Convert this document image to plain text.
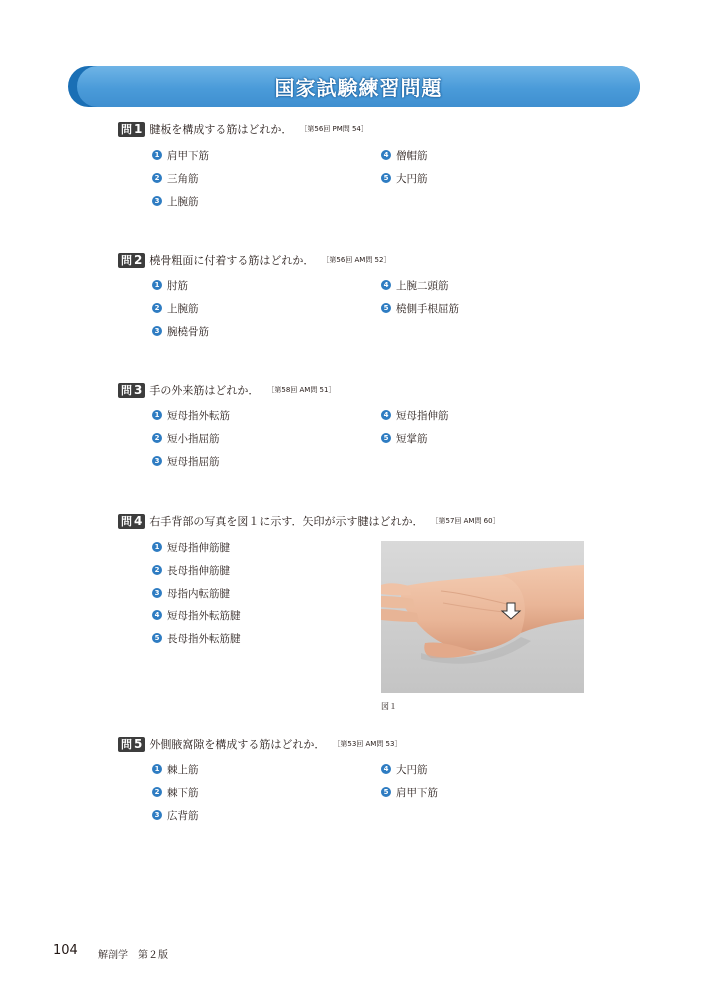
国家試験練習問題
問 1 腱板を構成する筋はどれか． ［第56回 PM問 54］
1 肩甲下筋
2 三角筋
3 上腕筋
4 僧帽筋
5 大円筋
問 2 橈骨粗面に付着する筋はどれか． ［第56回 AM問 52］
1 肘筋
2 上腕筋
3 腕橈骨筋
4 上腕二頭筋
5 橈側手根屈筋
問 3 手の外来筋はどれか． ［第58回 AM問 51］
1 短母指外転筋
2 短小指屈筋
3 短母指屈筋
4 短母指伸筋
5 短掌筋
問 4 右手背部の写真を図１に示す．矢印が示す腱はどれか． ［第57回 AM問 60］
1 短母指伸筋腱
2 長母指伸筋腱
3 母指内転筋腱
4 短母指外転筋腱
5 長母指外転筋腱
図１
問 5 外側腋窩隙を構成する筋はどれか． ［第53回 AM問 53］
1 棘上筋
2 棘下筋
3 広背筋
4 大円筋
5 肩甲下筋
104 解剖学　第２版
